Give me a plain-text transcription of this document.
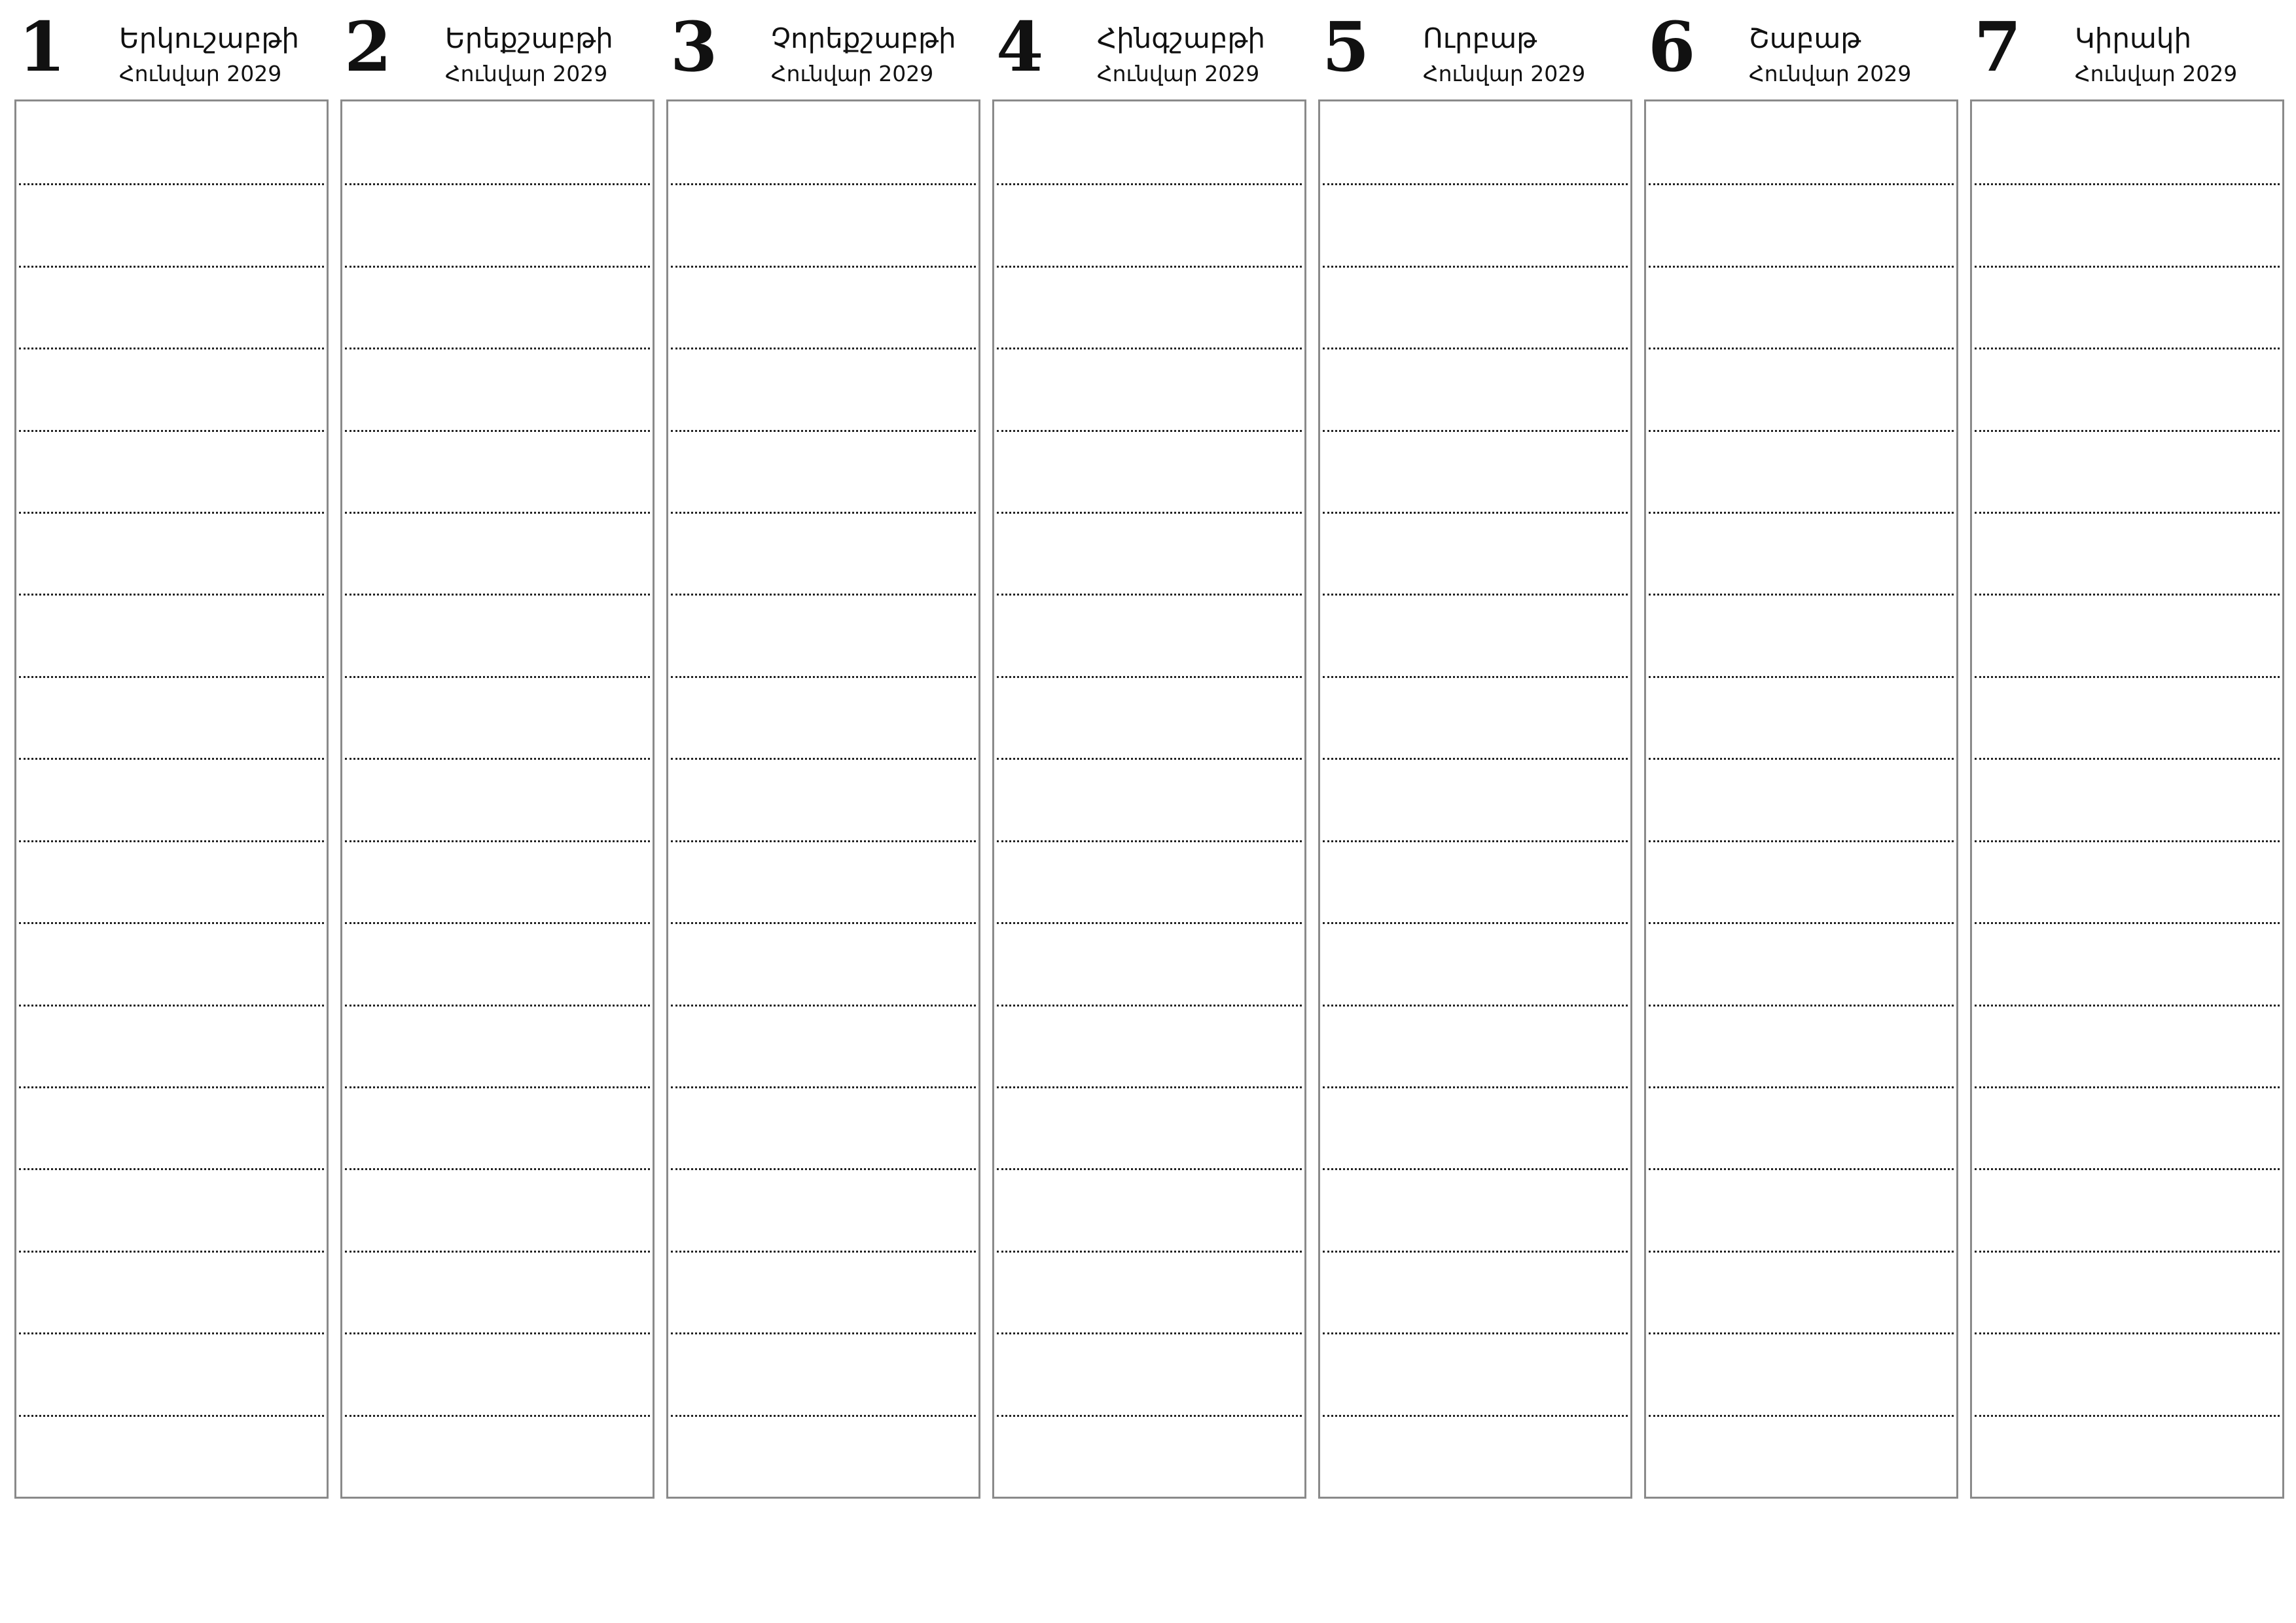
1 Երկուշաբթի
Հունվար 2029 2 Երեքշաբթի
Հունվար 2029 3 Չորեքշաբթի
Հունվար 2029 4 Հինգշաբթի
Հունվար 2029 5 Ուրբաթ
Հունվար 2029 6 Շաբաթ
Հունվար 2029 7 Կիրակի
Հունվար 2029
